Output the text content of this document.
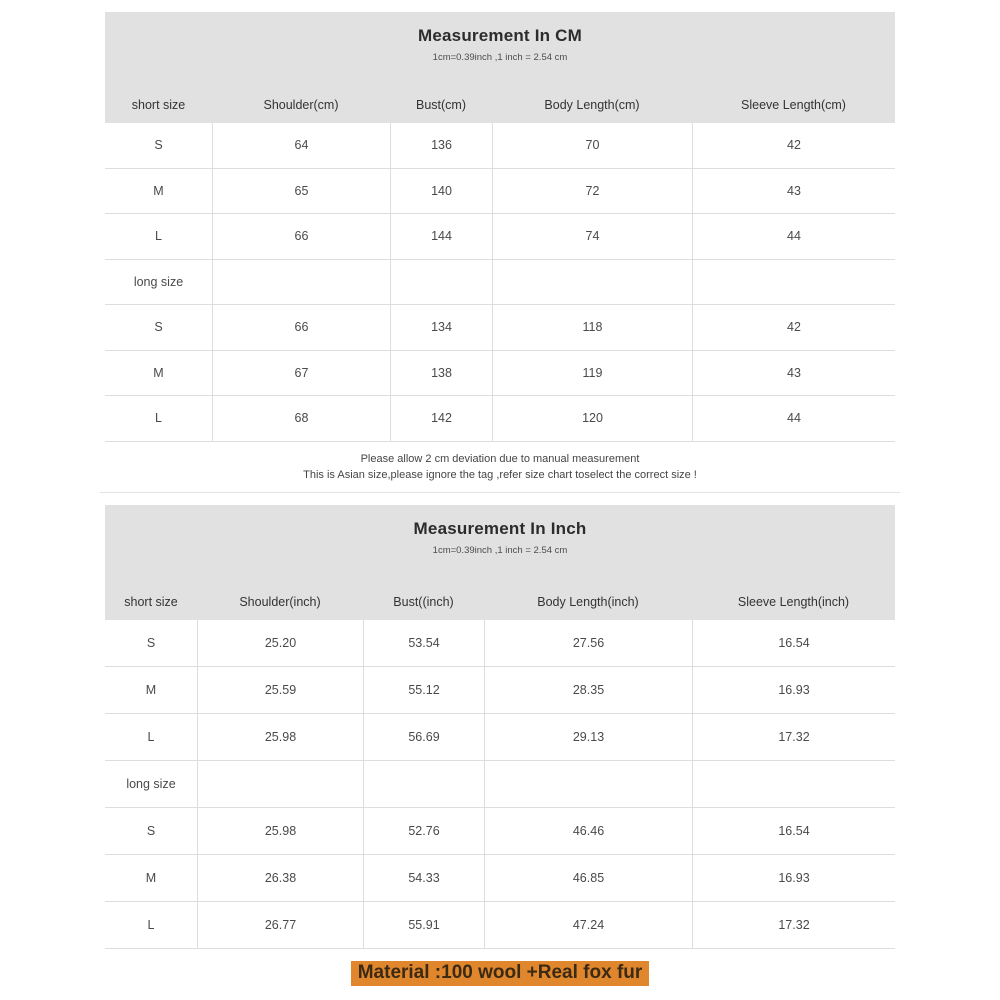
Measurement In CM
1cm=0.39inch ,1 inch = 2.54 cm
short size	Shoulder(cm)	Bust(cm)	Body Length(cm)	Sleeve Length(cm)
S	64	136	70	42
M	65	140	72	43
L	66	144	74	44
long size
S	66	134	118	42
M	67	138	119	43
L	68	142	120	44
Please allow 2 cm deviation due to manual measurement
This is Asian size,please ignore the tag ,refer size chart toselect the correct size !
Measurement In Inch
1cm=0.39inch ,1 inch = 2.54 cm
short size	Shoulder(inch)	Bust((inch)	Body Length(inch)	Sleeve Length(inch)
S	25.20	53.54	27.56	16.54
M	25.59	55.12	28.35	16.93
L	25.98	56.69	29.13	17.32
long size
S	25.98	52.76	46.46	16.54
M	26.38	54.33	46.85	16.93
L	26.77	55.91	47.24	17.32
Material :100 wool +Real fox fur
